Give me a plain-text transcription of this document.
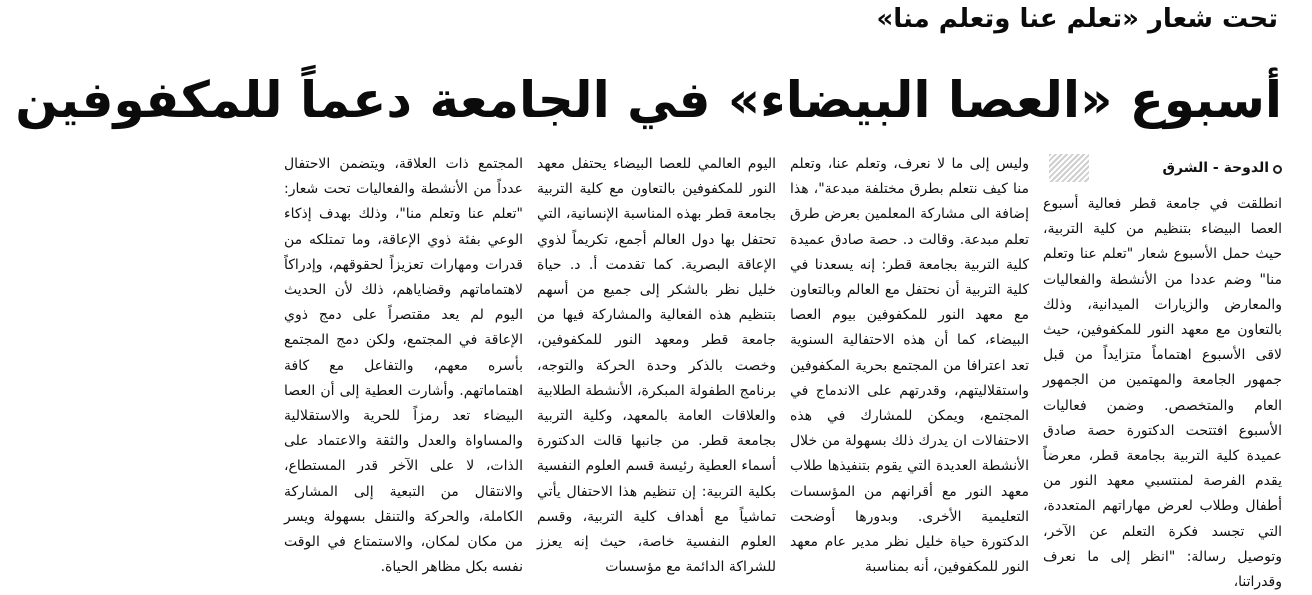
تحت شعار «تعلم عنا وتعلم منا»
أسبوع «العصا البيضاء» في الجامعة دعماً للمكفوفين
الدوحة - الشرق

انطلقت في جامعة قطر فعالية أسبوع العصا البيضاء بتنظيم من كلية التربية، حيث حمل الأسبوع شعار "تعلم عنا وتعلم منا" وضم عددا من الأنشطة والفعاليات والمعارض والزيارات الميدانية، وذلك بالتعاون مع معهد النور للمكفوفين، حيث لاقى الأسبوع اهتماماً متزايداً من قبل جمهور الجامعة والمهتمين من الجمهور العام والمتخصص. وضمن فعاليات الأسبوع افتتحت الدكتورة حصة صادق عميدة كلية التربية بجامعة قطر، معرضاً يقدم الفرصة لمنتسبي معهد النور من أطفال وطلاب لعرض مهاراتهم المتعددة، التي تجسد فكرة التعلم عن الآخر، وتوصيل رسالة: "انظر إلى ما نعرف وقدراتنا،

وليس إلى ما لا نعرف، وتعلم عنا، وتعلم منا كيف نتعلم بطرق مختلفة مبدعة"، هذا إضافة الى مشاركة المعلمين بعرض طرق تعلم مبدعة. وقالت د. حصة صادق عميدة كلية التربية بجامعة قطر: إنه يسعدنا في كلية التربية أن نحتفل مع العالم وبالتعاون مع معهد النور للمكفوفين بيوم العصا البيضاء، كما أن هذه الاحتفالية السنوية تعد اعترافا من المجتمع بحرية المكفوفين واستقلاليتهم، وقدرتهم على الاندماج في المجتمع، ويمكن للمشارك في هذه الاحتفالات ان يدرك ذلك بسهولة من خلال الأنشطة العديدة التي يقوم بتنفيذها طلاب معهد النور مع أقرانهم من المؤسسات التعليمية الأخرى. وبدورها أوضحت الدكتورة حياة خليل نظر مدير عام معهد النور للمكفوفين، أنه بمناسبة

اليوم العالمي للعصا البيضاء يحتفل معهد النور للمكفوفين بالتعاون مع كلية التربية بجامعة قطر بهذه المناسبة الإنسانية، التي تحتفل بها دول العالم أجمع، تكريماً لذوي الإعاقة البصرية. كما تقدمت أ. د. حياة خليل نظر بالشكر إلى جميع من أسهم بتنظيم هذه الفعالية والمشاركة فيها من جامعة قطر ومعهد النور للمكفوفين، وخصت بالذكر وحدة الحركة والتوجه، برنامج الطفولة المبكرة، الأنشطة الطلابية والعلاقات العامة بالمعهد، وكلية التربية بجامعة قطر. من جانبها قالت الدكتورة أسماء العطية رئيسة قسم العلوم النفسية بكلية التربية: إن تنظيم هذا الاحتفال يأتي تماشياً مع أهداف كلية التربية، وقسم العلوم النفسية خاصة، حيث إنه يعزز للشراكة الدائمة مع مؤسسات

المجتمع ذات العلاقة، ويتضمن الاحتفال عدداً من الأنشطة والفعاليات تحت شعار: "تعلم عنا وتعلم منا"، وذلك بهدف إذكاء الوعي بفئة ذوي الإعاقة، وما تمتلكه من قدرات ومهارات تعزيزاً لحقوقهم، وإدراكاً لاهتماماتهم وقضاياهم، ذلك لأن الحديث اليوم لم يعد مقتصراً على دمج ذوي الإعاقة في المجتمع، ولكن دمج المجتمع بأسره معهم، والتفاعل مع كافة اهتماماتهم. وأشارت العطية إلى أن العصا البيضاء تعد رمزاً للحرية والاستقلالية والمساواة والعدل والثقة والاعتماد على الذات، لا على الآخر قدر المستطاع، والانتقال من التبعية إلى المشاركة الكاملة، والحركة والتنقل بسهولة ويسر من مكان لمكان، والاستمتاع في الوقت نفسه بكل مظاهر الحياة.
